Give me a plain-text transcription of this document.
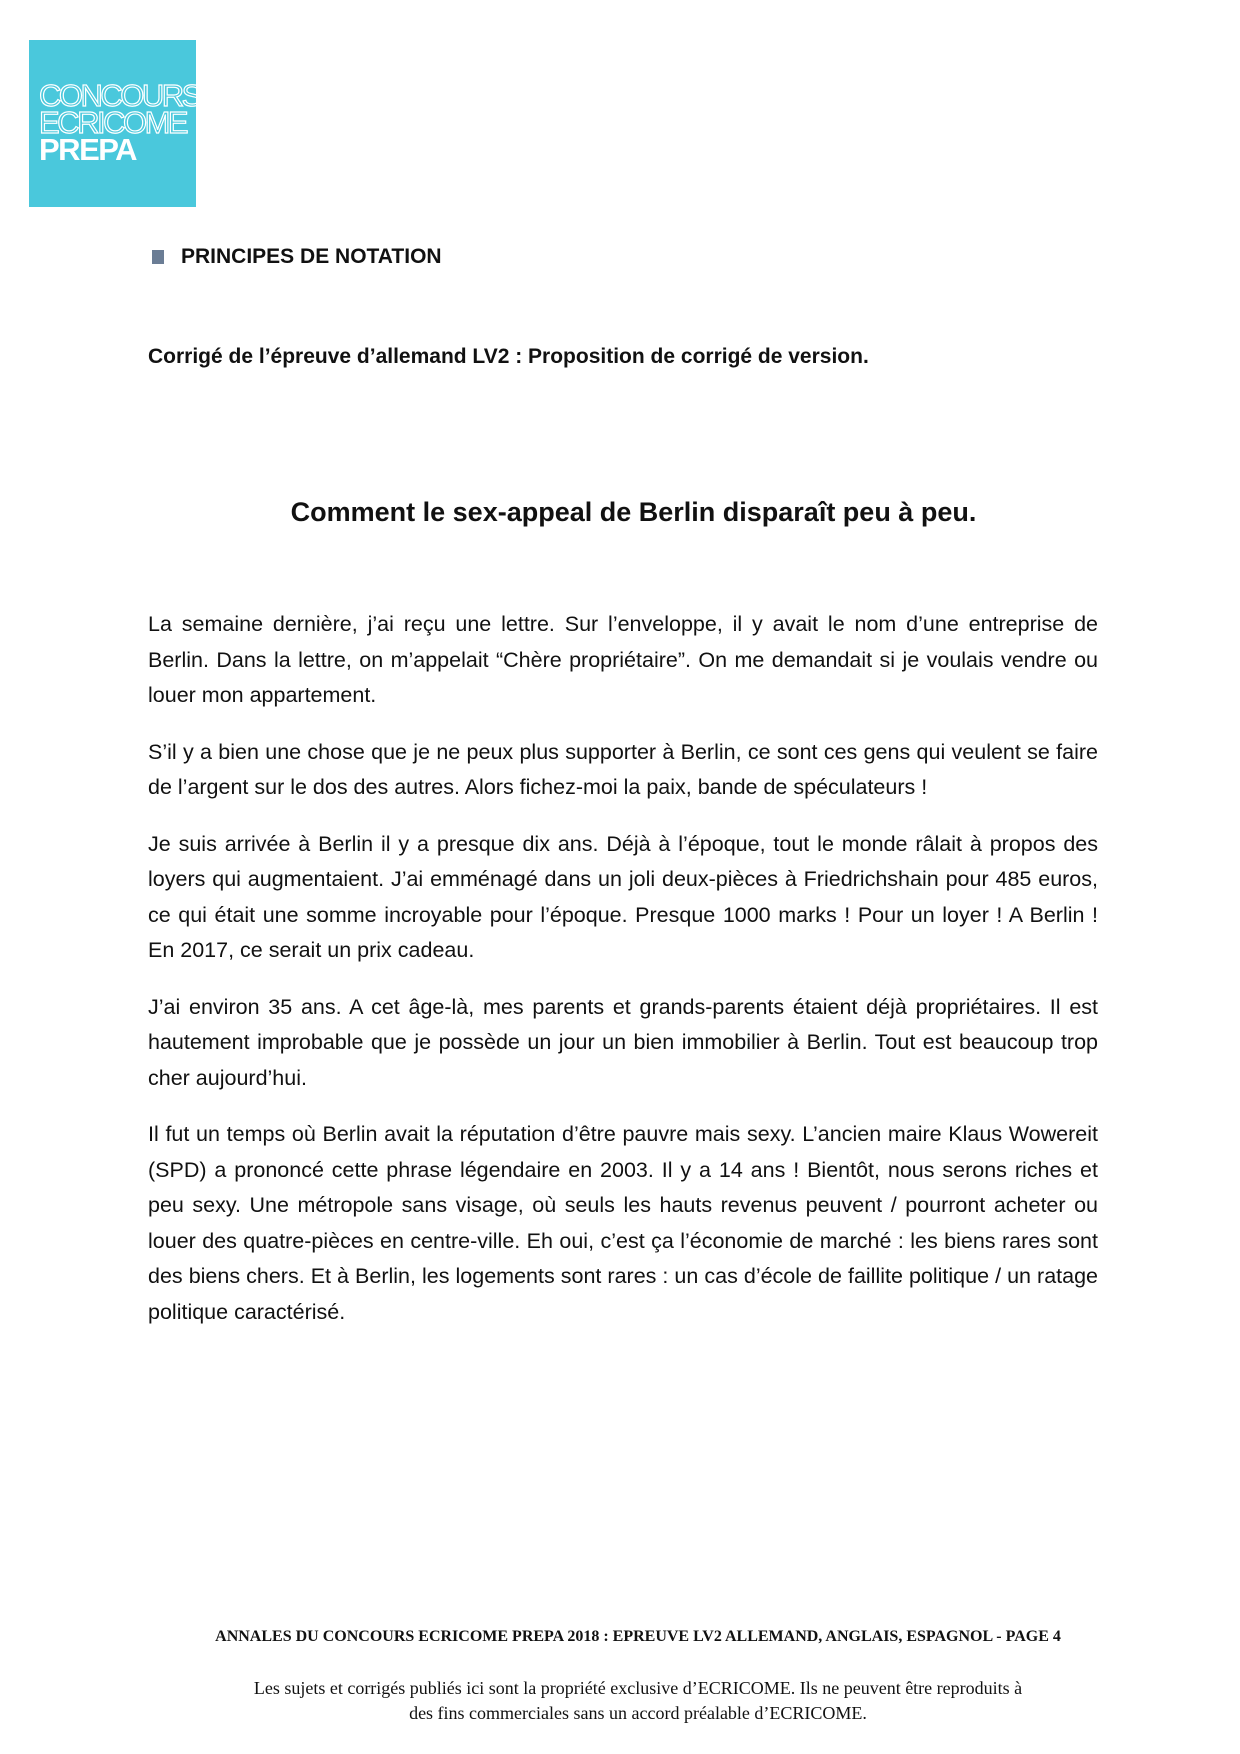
CONCOURS
ECRICOME
PREPA
PRINCIPES DE NOTATION
Corrigé de l’épreuve d’allemand LV2 : Proposition de corrigé de version.
Comment le sex-appeal de Berlin disparaît peu à peu.

La semaine dernière, j’ai reçu une lettre. Sur l’enveloppe, il y avait le nom d’une entreprise de Berlin. Dans la lettre, on m’appelait “Chère propriétaire”. On me demandait si je voulais vendre ou louer mon appartement.

S’il y a bien une chose que je ne peux plus supporter à Berlin, ce sont ces gens qui veulent se faire de l’argent sur le dos des autres. Alors fichez-moi la paix, bande de spéculateurs !

Je suis arrivée à Berlin il y a presque dix ans. Déjà à l’époque, tout le monde râlait à propos des loyers qui augmentaient. J’ai emménagé dans un joli deux-pièces à Friedrichshain pour 485 euros, ce qui était une somme incroyable pour l’époque. Presque 1000 marks ! Pour un loyer ! A Berlin ! En 2017, ce serait un prix cadeau.

J’ai environ 35 ans. A cet âge-là, mes parents et grands-parents étaient déjà propriétaires. Il est hautement improbable que je possède un jour un bien immobilier à Berlin. Tout est beaucoup trop cher aujourd’hui.

Il fut un temps où Berlin avait la réputation d’être pauvre mais sexy. L’ancien maire Klaus Wowereit (SPD) a prononcé cette phrase légendaire en 2003. Il y a 14 ans ! Bientôt, nous serons riches et peu sexy. Une métropole sans visage, où seuls les hauts revenus peuvent / pourront acheter ou louer des quatre-pièces en centre-ville. Eh oui, c’est ça l’économie de marché : les biens rares sont des biens chers. Et à Berlin, les logements sont rares : un cas d’école de faillite politique / un ratage politique caractérisé.

ANNALES DU CONCOURS ECRICOME PREPA 2018 : EPREUVE LV2 ALLEMAND, ANGLAIS, ESPAGNOL - PAGE 4
Les sujets et corrigés publiés ici sont la propriété exclusive d’ECRICOME. Ils ne peuvent être reproduits à
des fins commerciales sans un accord préalable d’ECRICOME.
